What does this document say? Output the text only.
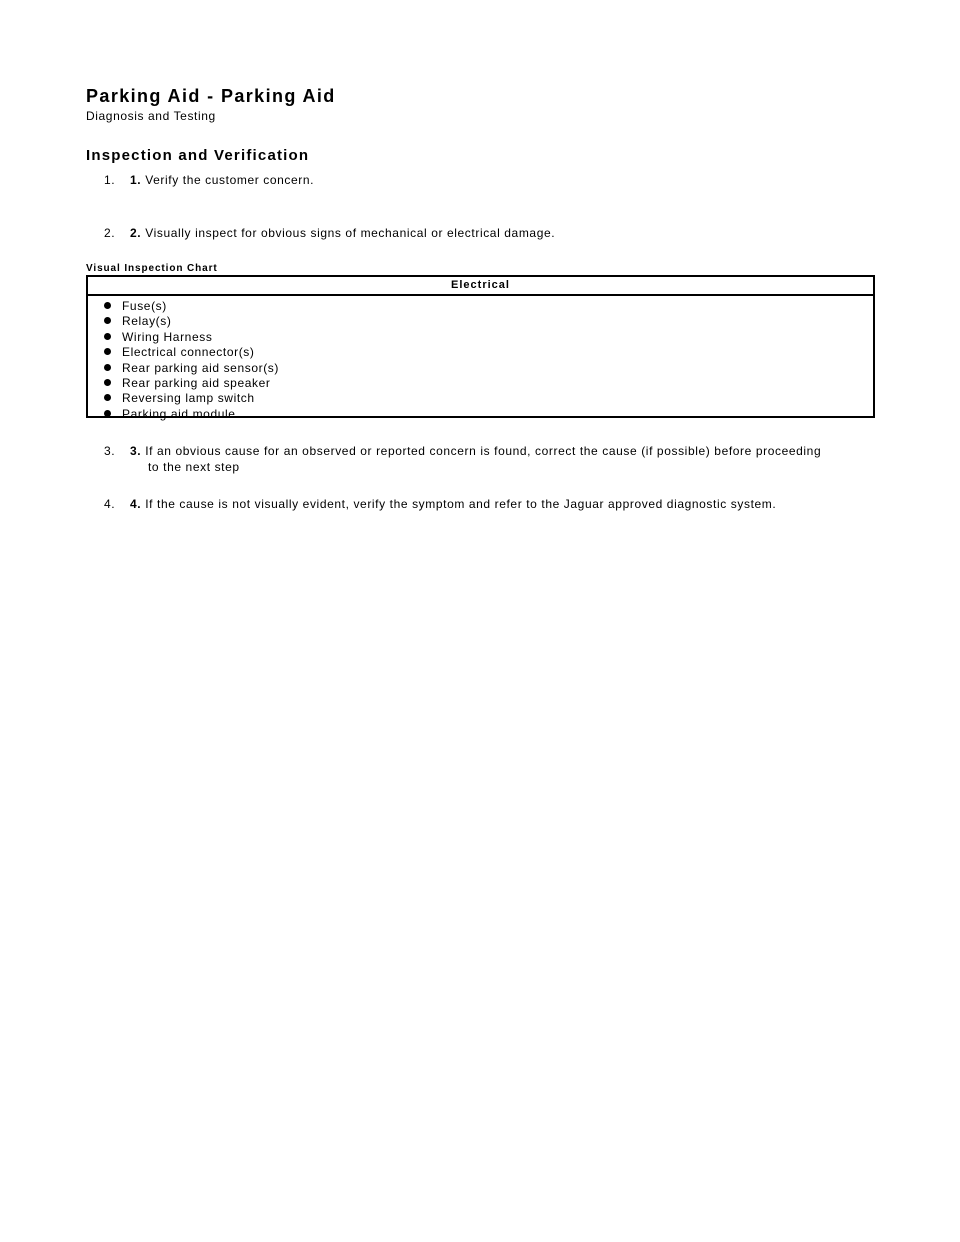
Parking Aid - Parking Aid
Diagnosis and Testing
Inspection and Verification
1.	1. Verify the customer concern.
2.	2. Visually inspect for obvious signs of mechanical or electrical damage.
Visual Inspection Chart
Electrical
Fuse(s)
Relay(s)
Wiring Harness
Electrical connector(s)
Rear parking aid sensor(s)
Rear parking aid speaker
Reversing lamp switch
Parking aid module
3.	3. If an obvious cause for an observed or reported concern is found, correct the cause (if possible) before proceeding
to the next step
4.	4. If the cause is not visually evident, verify the symptom and refer to the Jaguar approved diagnostic system.
